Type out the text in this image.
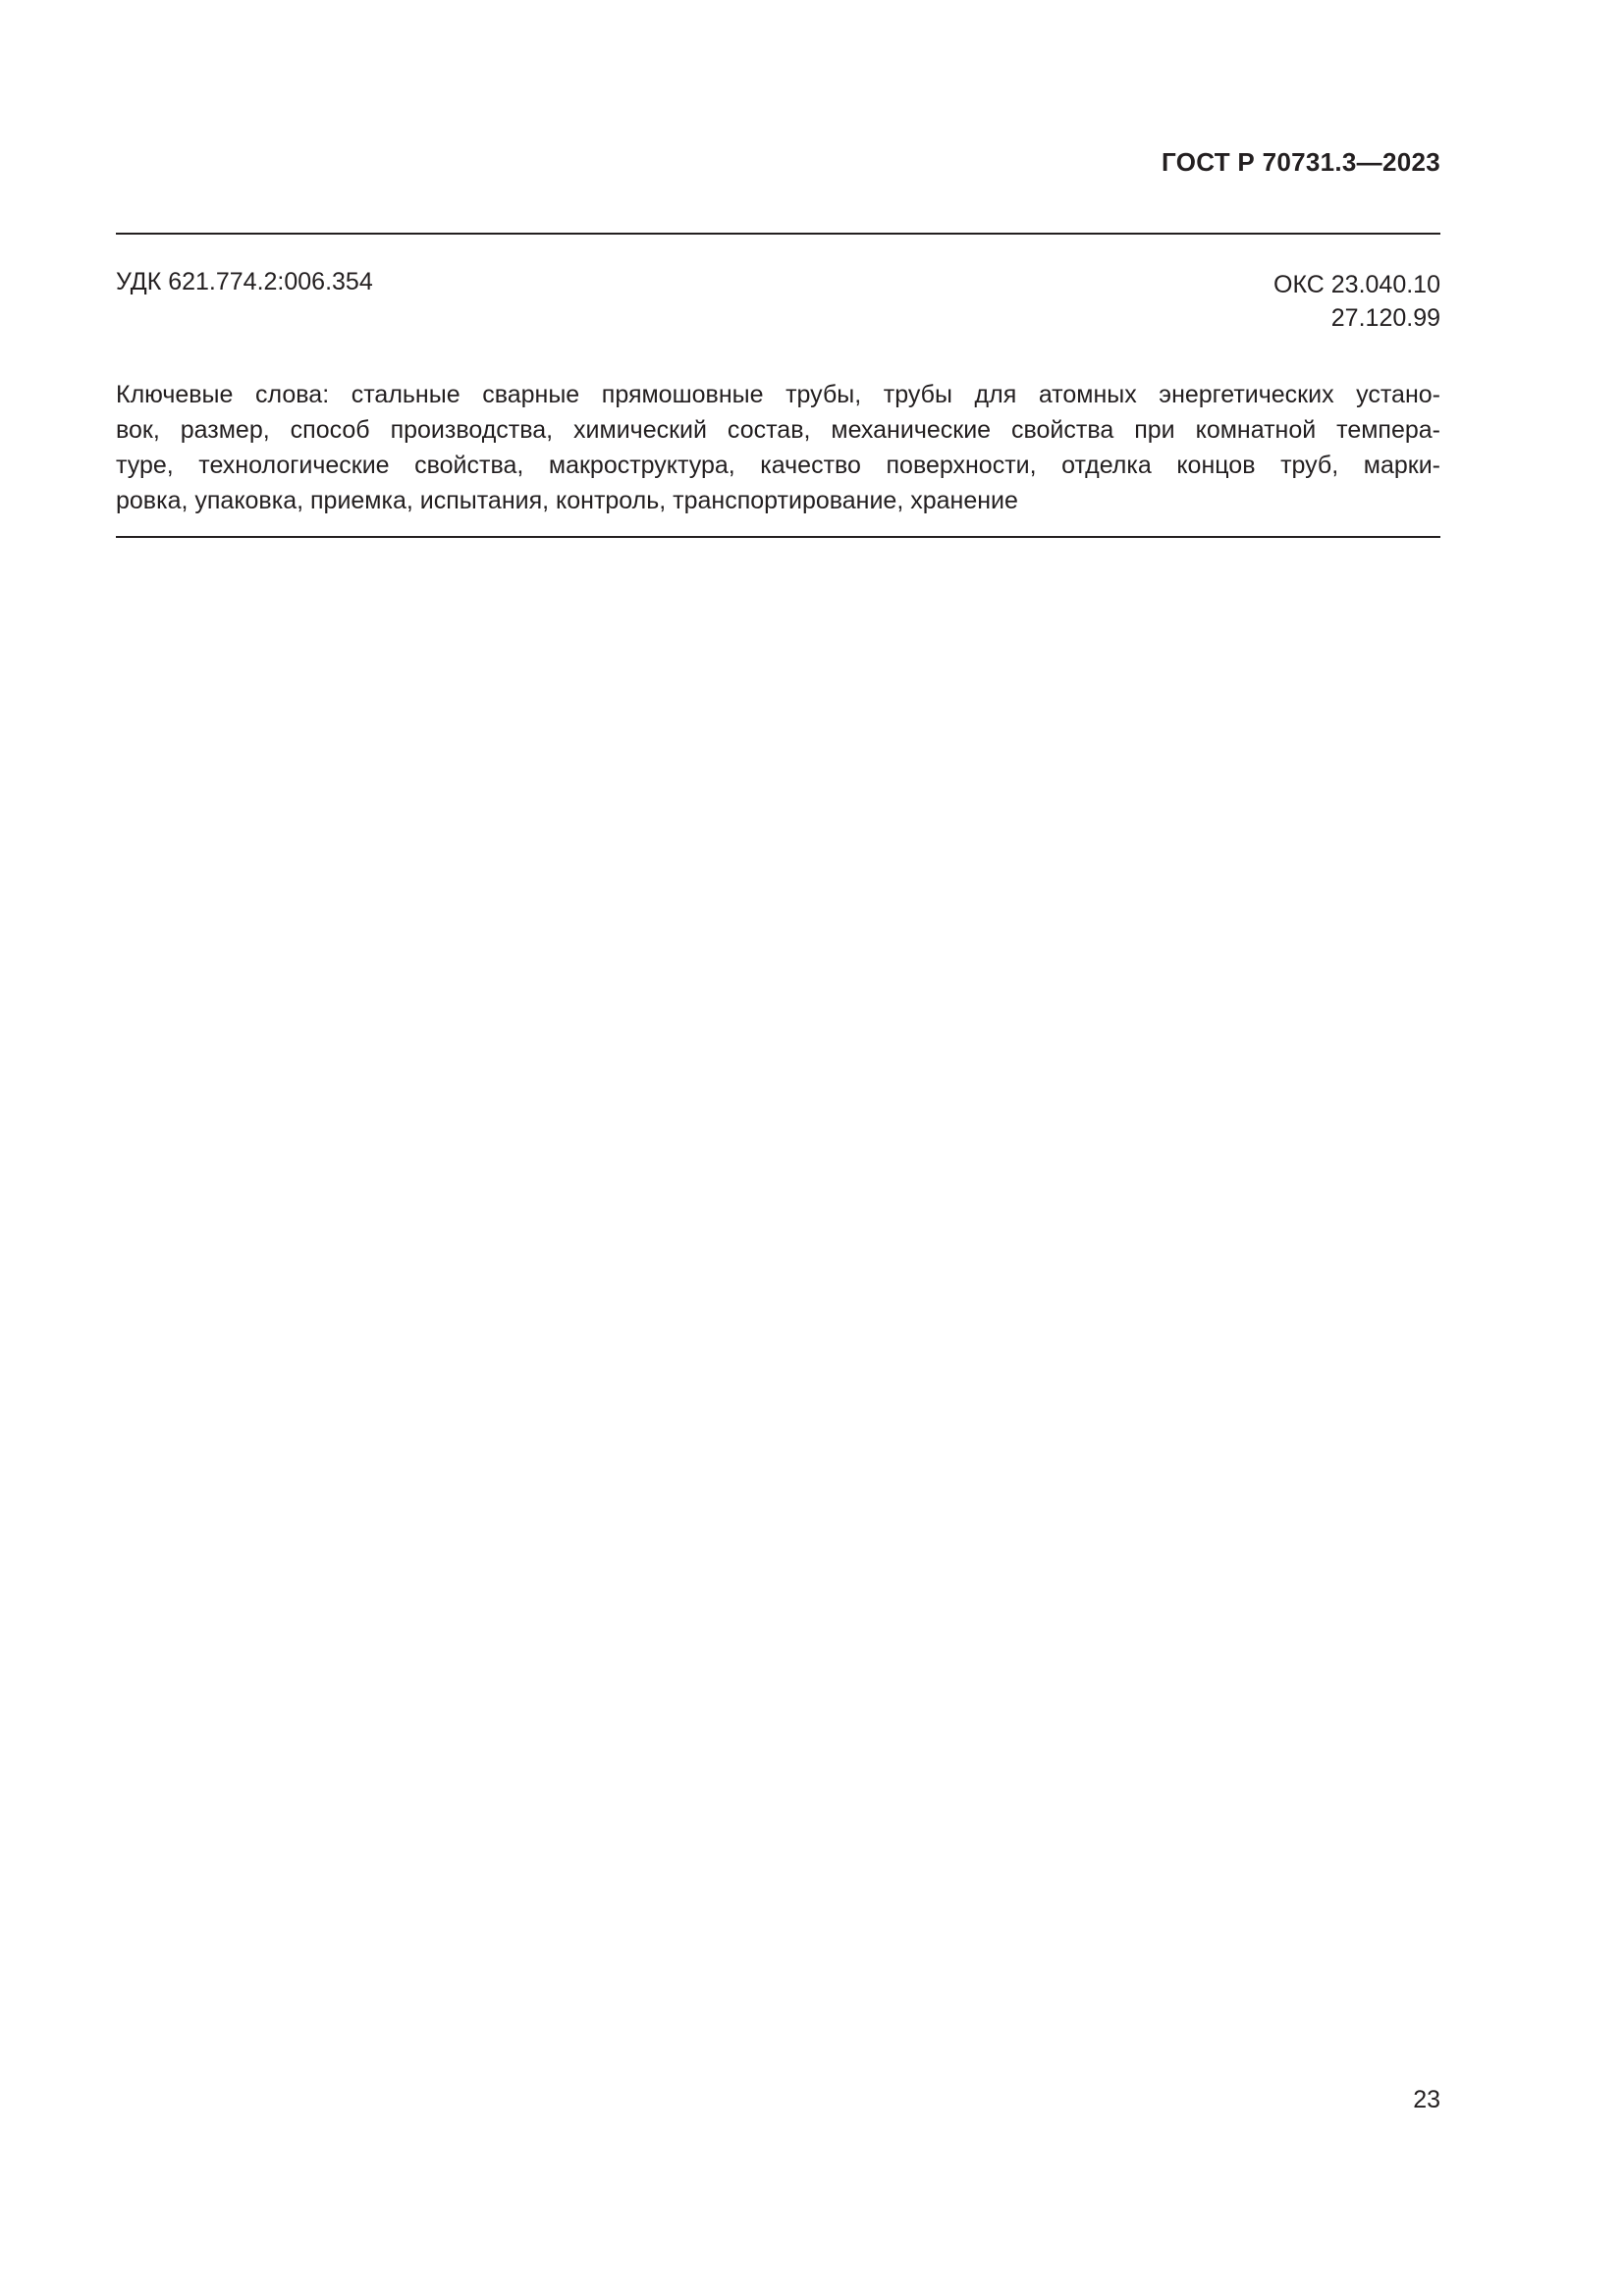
ГОСТ Р 70731.3—2023
УДК 621.774.2:006.354	ОКС 23.040.10
27.120.99
Ключевые слова: стальные сварные прямошовные трубы, трубы для атомных энергетических устано-
вок, размер, способ производства, химический состав, механические свойства при комнатной темпера-
туре, технологические свойства, макроструктура, качество поверхности, отделка концов труб, марки-
ровка, упаковка, приемка, испытания, контроль, транспортирование, хранение
23
